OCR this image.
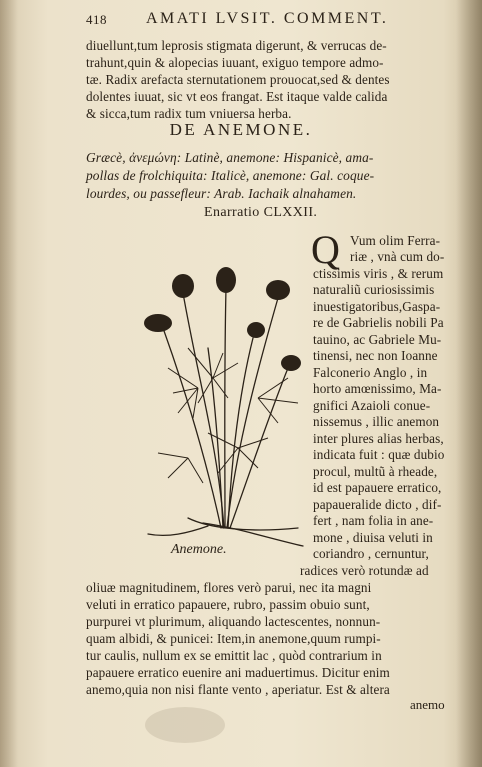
418 AMATI LVSIT. COMMENT.
diuellunt,tum leprosis stigmata digerunt, & verrucas de-
trahunt,quin & alopecias iuuant, exiguo tempore admo-
tæ. Radix arefacta sternutationem prouocat,sed & dentes
dolentes iuuat, sic vt eos frangat. Est itaque valde calida
& sicca,tum radix tum vniuersa herba.
DE ANEMONE.
Græcè, ἀνεμώνη: Latinè, anemone: Hispanicè, ama-
pollas de frolchiquita: Italicè, anemone: Gal. coque-
lourdes, ou passefleur: Arab. Iachaik alnahamen.
Enarratio CLXXII.
Q Vum olim Ferra-
riæ , vnà cum do-
ctissimis viris , & rerum
naturaliũ curiosissimis
inuestigatoribus,Gaspa-
re de Gabrielis nobili Pa
tauino, ac Gabriele Mu-
tinensi, nec non Ioanne
Falconerio Anglo , in
horto amœnissimo, Ma-
gnifici Azaioli conue-
nissemus , illic anemon
inter plures alias herbas,
indicata fuit : quæ dubio
procul, multũ à rheade,
id est papauere erratico,
papaueralide dicto , dif-
fert , nam folia in ane-
mone , diuisa veluti in
coriandro , cernuntur,
radices verò rotundæ ad
Anemone.
oliuæ magnitudinem, flores verò parui, nec ita magni
veluti in erratico papauere, rubro, passim obuio sunt,
purpurei vt plurimum, aliquando lactescentes, nonnun-
quam albidi, & punicei: Item,in anemone,quum rumpi-
tur caulis, nullum ex se emittit lac , quòd contrarium in
papauere erratico euenire ani maduertimus. Dicitur enim
anemo,quia non nisi flante vento , aperiatur. Est & altera
anemo
